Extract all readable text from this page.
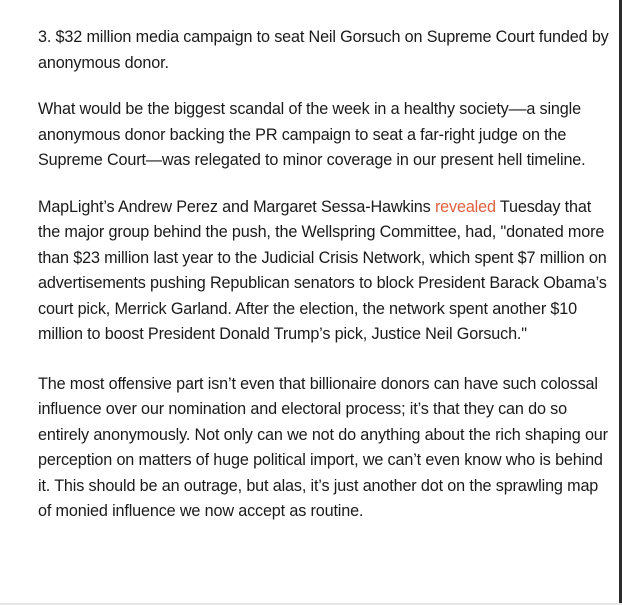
3. $32 million media campaign to seat Neil Gorsuch on Supreme Court funded by anonymous donor.

What would be the biggest scandal of the week in a healthy society––a single anonymous donor backing the PR campaign to seat a far-right judge on the Supreme Court—was relegated to minor coverage in our present hell timeline.

MapLight’s Andrew Perez and Margaret Sessa-Hawkins revealed Tuesday that the major group behind the push, the Wellspring Committee, had, "donated more than $23 million last year to the Judicial Crisis Network, which spent $7 million on advertisements pushing Republican senators to block President Barack Obama’s court pick, Merrick Garland. After the election, the network spent another $10 million to boost President Donald Trump’s pick, Justice Neil Gorsuch."

The most offensive part isn’t even that billionaire donors can have such colossal influence over our nomination and electoral process; it’s that they can do so entirely anonymously. Not only can we not do anything about the rich shaping our perception on matters of huge political import, we can’t even know who is behind it. This should be an outrage, but alas, it’s just another dot on the sprawling map of monied influence we now accept as routine.
